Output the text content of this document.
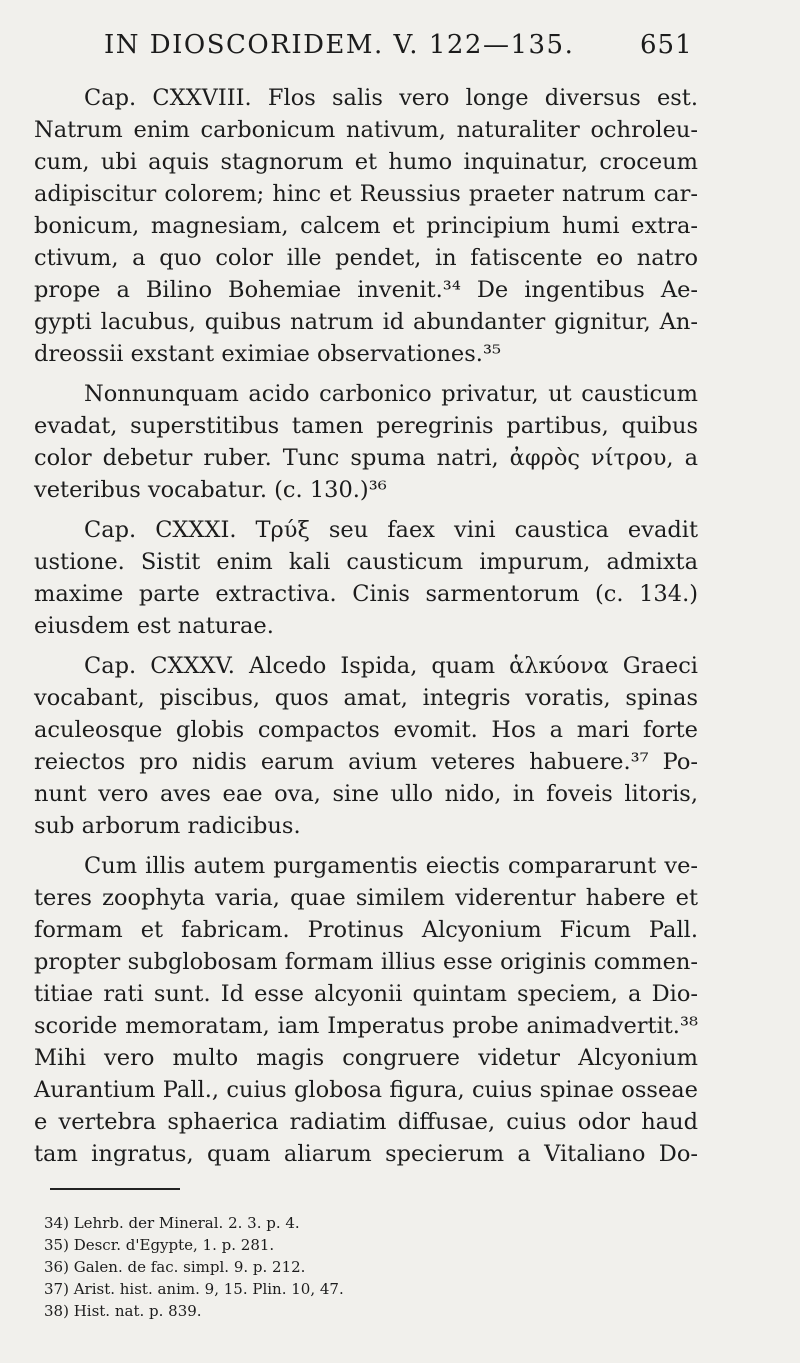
IN DIOSCORIDEM. V. 122—135.	651

Cap. CXXVIII. Flos salis vero longe diversus est.
Natrum enim carbonicum nativum, naturaliter ochroleu-
cum, ubi aquis stagnorum et humo inquinatur, croceum
adipiscitur colorem; hinc et Reussius praeter natrum car-
bonicum, magnesiam, calcem et principium humi extra-
ctivum, a quo color ille pendet, in fatiscente eo natro
prope a Bilino Bohemiae invenit.³⁴ De ingentibus Ae-
gypti lacubus, quibus natrum id abundanter gignitur, An-
dreossii exstant eximiae observationes.³⁵

Nonnunquam acido carbonico privatur, ut causticum
evadat, superstitibus tamen peregrinis partibus, quibus
color debetur ruber. Tunc spuma natri, ἀφρὸς νίτρου, a
veteribus vocabatur. (c. 130.)³⁶

Cap. CXXXI. Τρύξ seu faex vini caustica evadit
ustione. Sistit enim kali causticum impurum, admixta
maxime parte extractiva. Cinis sarmentorum (c. 134.)
eiusdem est naturae.

Cap. CXXXV. Alcedo Ispida, quam ἁλκύονα Graeci
vocabant, piscibus, quos amat, integris voratis, spinas
aculeosque globis compactos evomit. Hos a mari forte
reiectos pro nidis earum avium veteres habuere.³⁷ Po-
nunt vero aves eae ova, sine ullo nido, in foveis litoris,
sub arborum radicibus.

Cum illis autem purgamentis eiectis compararunt ve-
teres zoophyta varia, quae similem viderentur habere et
formam et fabricam. Protinus Alcyonium Ficum Pall.
propter subglobosam formam illius esse originis commen-
titiae rati sunt. Id esse alcyonii quintam speciem, a Dio-
scoride memoratam, iam Imperatus probe animadvertit.³⁸
Mihi vero multo magis congruere videtur Alcyonium
Aurantium Pall., cuius globosa figura, cuius spinae osseae
e vertebra sphaerica radiatim diffusae, cuius odor haud
tam ingratus, quam aliarum specierum a Vitaliano Do-

34) Lehrb. der Mineral. 2. 3. p. 4.
35) Descr. d'Egypte, 1. p. 281.
36) Galen. de fac. simpl. 9. p. 212.
37) Arist. hist. anim. 9, 15. Plin. 10, 47.
38) Hist. nat. p. 839.
